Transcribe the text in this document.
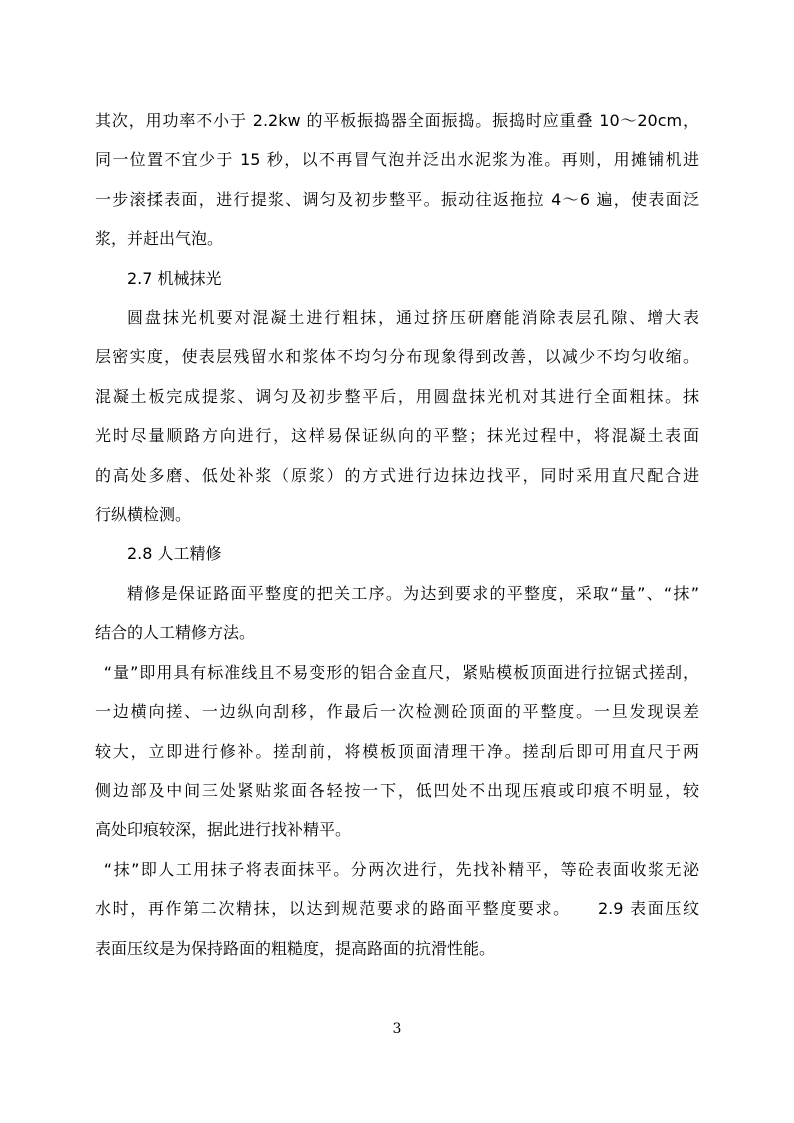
其次，用功率不小于 2.2kw 的平板振捣器全面振捣。振捣时应重叠 10～20cm，

同一位置不宜少于 15 秒，以不再冒气泡并泛出水泥浆为准。再则，用摊铺机进

一步滚揉表面，进行提浆、调匀及初步整平。振动往返拖拉 4～6 遍，使表面泛

浆，并赶出气泡。

2.7 机械抹光

圆盘抹光机要对混凝土进行粗抹，通过挤压研磨能消除表层孔隙、增大表

层密实度，使表层残留水和浆体不均匀分布现象得到改善，以减少不均匀收缩。

混凝土板完成提浆、调匀及初步整平后，用圆盘抹光机对其进行全面粗抹。抹

光时尽量顺路方向进行，这样易保证纵向的平整；抹光过程中，将混凝土表面

的高处多磨、低处补浆（原浆）的方式进行边抹边找平，同时采用直尺配合进

行纵横检测。

2.8 人工精修

精修是保证路面平整度的把关工序。为达到要求的平整度，采取“量”、“抹”

结合的人工精修方法。

“量”即用具有标准线且不易变形的铝合金直尺，紧贴模板顶面进行拉锯式搓刮，

一边横向搓、一边纵向刮移，作最后一次检测砼顶面的平整度。一旦发现误差

较大，立即进行修补。搓刮前，将模板顶面清理干净。搓刮后即可用直尺于两

侧边部及中间三处紧贴浆面各轻按一下，低凹处不出现压痕或印痕不明显，较

高处印痕较深，据此进行找补精平。

“抹”即人工用抹子将表面抹平。分两次进行，先找补精平，等砼表面收浆无泌

水时，再作第二次精抹，以达到规范要求的路面平整度要求。　　2.9 表面压纹

表面压纹是为保持路面的粗糙度，提高路面的抗滑性能。

3
